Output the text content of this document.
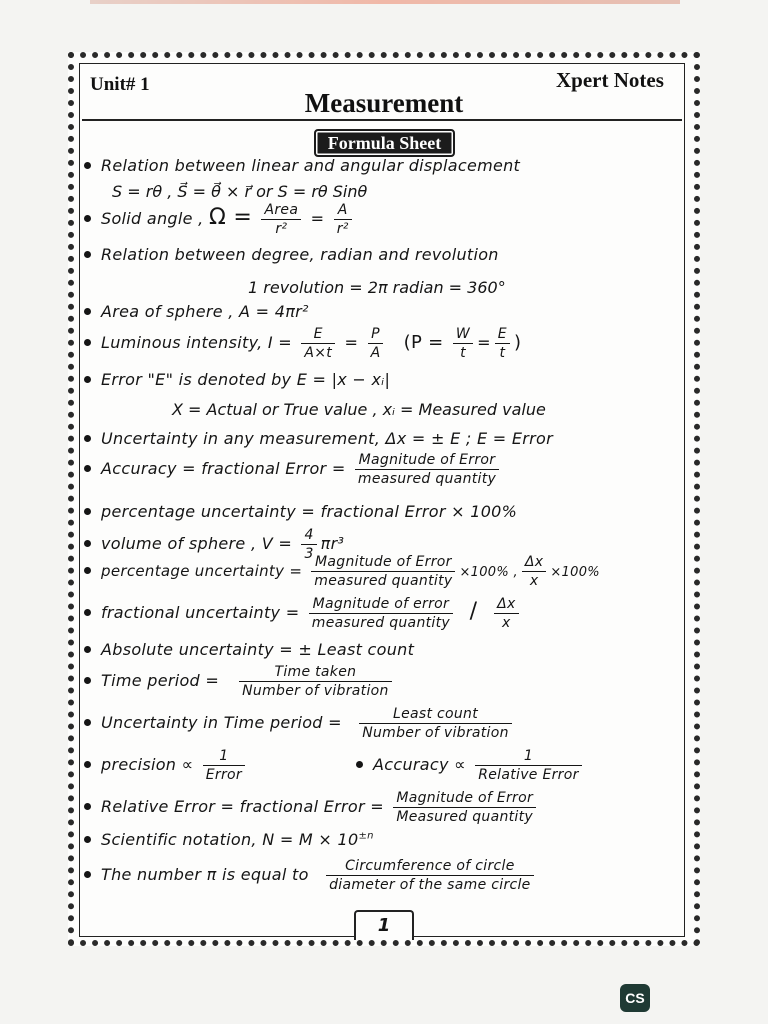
Unit# 1	Xpert Notes
Measurement
Formula Sheet
Relation between linear and angular displacement
S = rθ , S⃗ = θ⃗ × r⃗ or S = rθ Sinθ
Solid angle , $\Omega = \frac{\text{Area}}{\text{r²}} = \frac{A}{\text{r²}}$
Relation between degree, radian and revolution
1 revolution = 2π radian = 360°
Area of sphere , A = 4πr²
Luminous intensity, $I = \frac{E}{A\times t} = \frac{P}{A} (P = \frac{W}{t} = \frac{E}{t}$ )
Error "E" is denoted by E = |x − xᵢ|
X = Actual or True value , xᵢ = Measured value
Uncertainty in any measurement, Δx = ± E ; E = Error
Accuracy = fractional Error = $\frac{\text{Magnitude of Error}}{\text{measured quantity}}$
percentage uncertainty = fractional Error × 100%
volume of sphere , $V = \frac{4}{3} \pi r^3$
percentage uncertainty = $\frac{\text{Magnitude of Error}}{\text{measured quantity}} \times 100\%$ , $\frac{\Delta x}{x} \times 100\%$
fractional uncertainty = $\frac{\text{Magnitude of error}}{\text{measured quantity}} / \frac{\Delta x}{x}$
Absolute uncertainty = ± Least count
Time period = $\frac{\text{Time taken}}{\text{Number of vibration}}$
Uncertainty in Time period = $\frac{\text{Least count}}{\text{Number of vibration}}$
precision ∝ $\frac{1}{\text{Error}}$	Accuracy ∝ $\frac{1}{\text{Relative Error}}$
Relative Error = fractional Error = $\frac{\text{Magnitude of Error}}{\text{Measured quantity}}$
Scientific notation, $N = M \times 10^{\pm n}$
The number π is equal to $\frac{\text{Circumference of circle}}{\text{diameter of the same circle}}$
1
CS
